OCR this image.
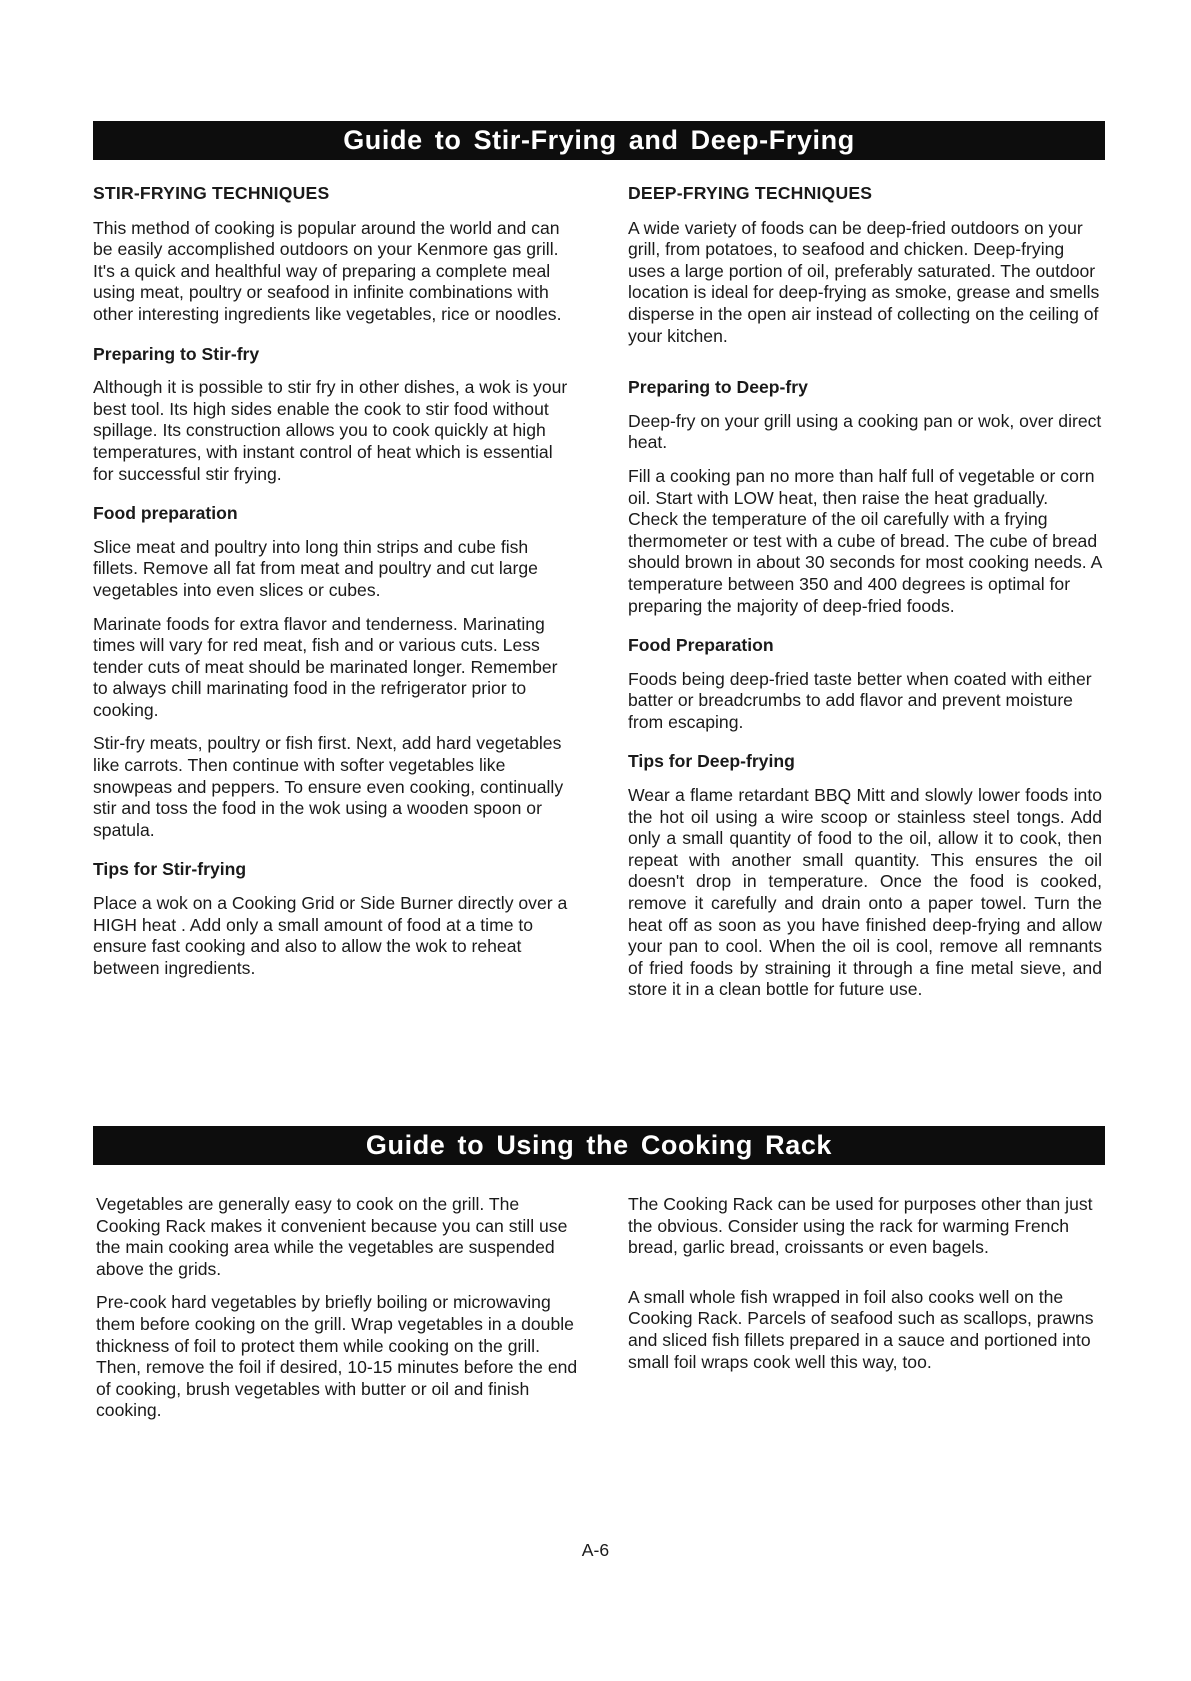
Guide to Stir-Frying and Deep-Frying
STIR-FRYING TECHNIQUES

This method of cooking is popular around the world and can be easily accomplished outdoors on your Kenmore gas grill. It's a quick and healthful way of preparing a complete meal using meat, poultry or seafood in infinite combinations with other interesting ingredients like vegetables, rice or noodles.

Preparing to Stir-fry

Although it is possible to stir fry in other dishes, a wok is your best tool. Its high sides enable the cook to stir food without spillage. Its construction allows you to cook quickly at high temperatures, with instant control of heat which is essential for successful stir frying.

Food preparation

Slice meat and poultry into long thin strips and cube fish fillets. Remove all fat from meat and poultry and cut large vegetables into even slices or cubes.

Marinate foods for extra flavor and tenderness. Marinating times will vary for red meat, fish and or various cuts. Less tender cuts of meat should be marinated longer. Remember to always chill marinating food in the refrigerator prior to cooking.

Stir-fry meats, poultry or fish first. Next, add hard vegetables like carrots. Then continue with softer vegetables like snowpeas and peppers. To ensure even cooking, continually stir and toss the food in the wok using a wooden spoon or spatula.

Tips for Stir-frying

Place a wok on a Cooking Grid or Side Burner directly over a HIGH heat . Add only a small amount of food at a time to ensure fast cooking and also to allow the wok to reheat between ingredients.

DEEP-FRYING TECHNIQUES

A wide variety of foods can be deep-fried outdoors on your grill, from potatoes, to seafood and chicken. Deep-frying uses a large portion of oil, preferably saturated. The outdoor location is ideal for deep-frying as smoke, grease and smells disperse in the open air instead of collecting on the ceiling of your kitchen.

Preparing to Deep-fry

Deep-fry on your grill using a cooking pan or wok, over direct heat.

Fill a cooking pan no more than half full of vegetable or corn oil. Start with LOW heat, then raise the heat gradually. Check the temperature of the oil carefully with a frying thermometer or test with a cube of bread. The cube of bread should brown in about 30 seconds for most cooking needs. A temperature between 350 and 400 degrees is optimal for preparing the majority of deep-fried foods.

Food Preparation

Foods being deep-fried taste better when coated with either batter or breadcrumbs to add flavor and prevent moisture from escaping.

Tips for Deep-frying

Wear a flame retardant BBQ Mitt and slowly lower foods into the hot oil using a wire scoop or stainless steel tongs. Add only a small quantity of food to the oil, allow it to cook, then repeat with another small quantity. This ensures the oil doesn't drop in temperature. Once the food is cooked, remove it carefully and drain onto a paper towel. Turn the heat off as soon as you have finished deep-frying and allow your pan to cool. When the oil is cool, remove all remnants of fried foods by straining it through a fine metal sieve, and store it in a clean bottle for future use.

Guide to Using the Cooking Rack

Vegetables are generally easy to cook on the grill. The Cooking Rack makes it convenient because you can still use the main cooking area while the vegetables are suspended above the grids.

Pre-cook hard vegetables by briefly boiling or microwaving them before cooking on the grill. Wrap vegetables in a double thickness of foil to protect them while cooking on the grill. Then, remove the foil if desired, 10-15 minutes before the end of cooking, brush vegetables with butter or oil and finish cooking.

The Cooking Rack can be used for purposes other than just the obvious. Consider using the rack for warming French bread, garlic bread, croissants or even bagels.

A small whole fish wrapped in foil also cooks well on the Cooking Rack. Parcels of seafood such as scallops, prawns and sliced fish fillets prepared in a sauce and portioned into small foil wraps cook well this way, too.

A-6
